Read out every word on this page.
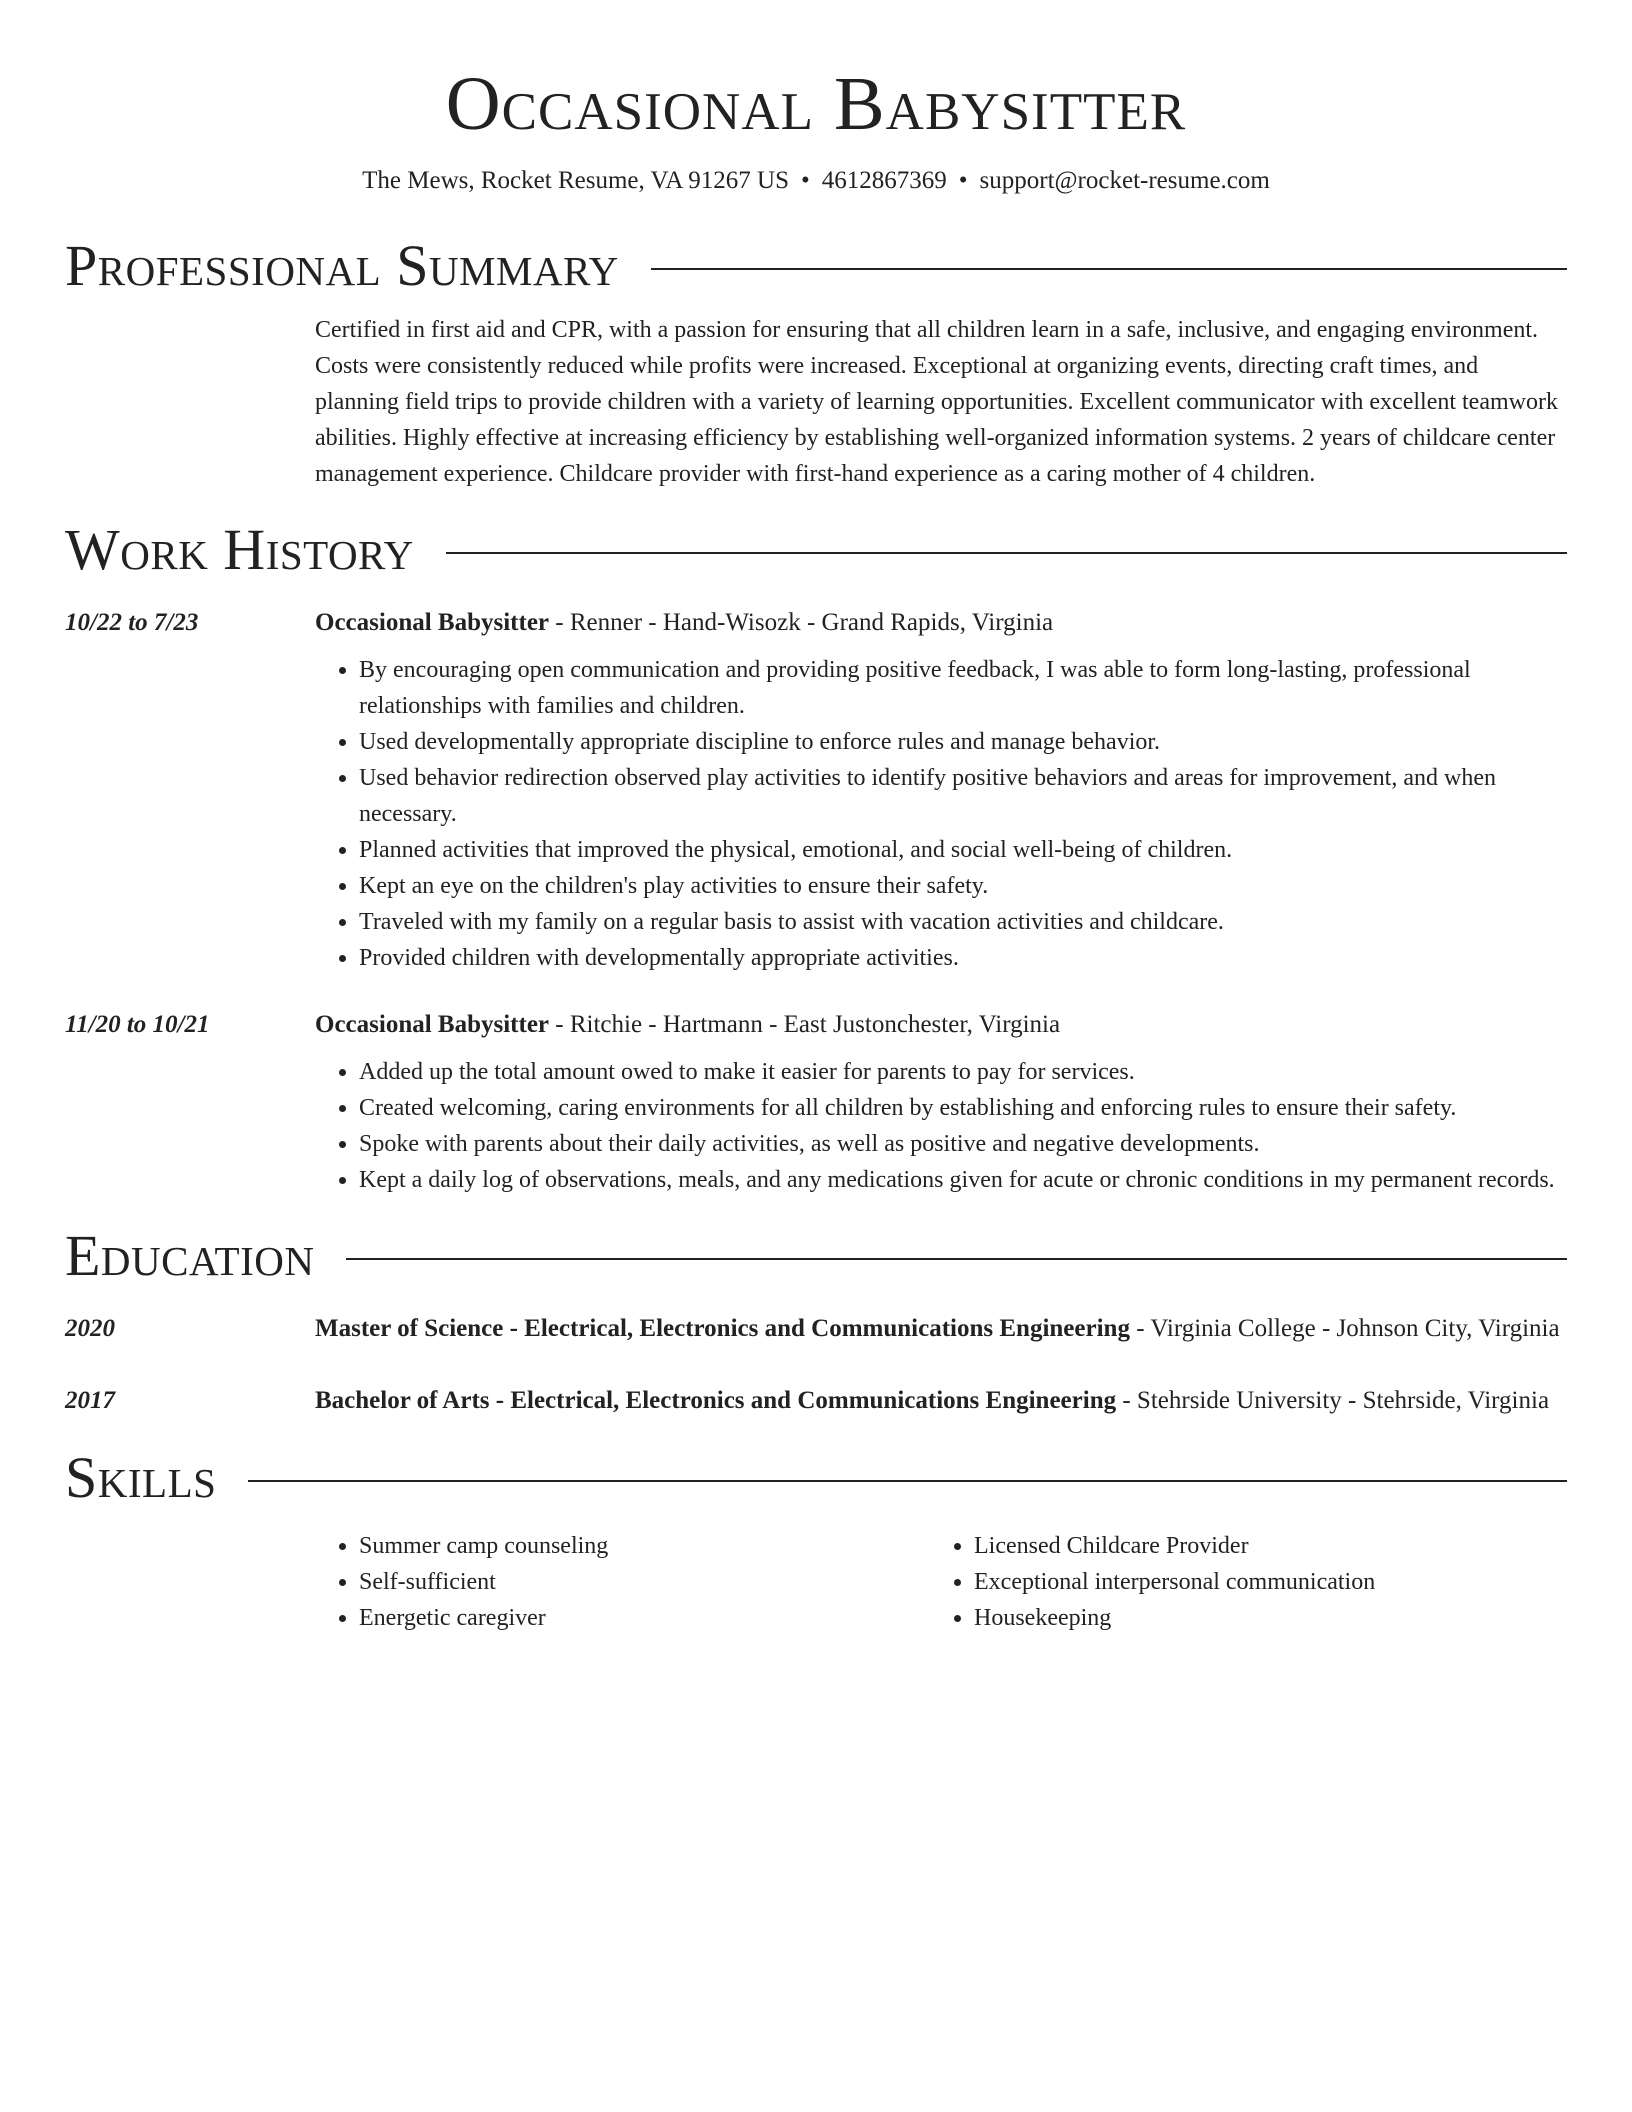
Occasional Babysitter
The Mews, Rocket Resume, VA 91267 US • 4612867369 • support@rocket-resume.com
Professional Summary
Certified in first aid and CPR, with a passion for ensuring that all children learn in a safe, inclusive, and engaging environment. Costs were consistently reduced while profits were increased. Exceptional at organizing events, directing craft times, and planning field trips to provide children with a variety of learning opportunities. Excellent communicator with excellent teamwork abilities. Highly effective at increasing efficiency by establishing well-organized information systems. 2 years of childcare center management experience. Childcare provider with first-hand experience as a caring mother of 4 children.
Work History
10/22 to 7/23	Occasional Babysitter - Renner - Hand-Wisozk - Grand Rapids, Virginia
• By encouraging open communication and providing positive feedback, I was able to form long-lasting, professional relationships with families and children.
• Used developmentally appropriate discipline to enforce rules and manage behavior.
• Used behavior redirection observed play activities to identify positive behaviors and areas for improvement, and when necessary.
• Planned activities that improved the physical, emotional, and social well-being of children.
• Kept an eye on the children's play activities to ensure their safety.
• Traveled with my family on a regular basis to assist with vacation activities and childcare.
• Provided children with developmentally appropriate activities.
11/20 to 10/21	Occasional Babysitter - Ritchie - Hartmann - East Justonchester, Virginia
• Added up the total amount owed to make it easier for parents to pay for services.
• Created welcoming, caring environments for all children by establishing and enforcing rules to ensure their safety.
• Spoke with parents about their daily activities, as well as positive and negative developments.
• Kept a daily log of observations, meals, and any medications given for acute or chronic conditions in my permanent records.
Education
2020	Master of Science - Electrical, Electronics and Communications Engineering - Virginia College - Johnson City, Virginia
2017	Bachelor of Arts - Electrical, Electronics and Communications Engineering - Stehrside University - Stehrside, Virginia
Skills
• Summer camp counseling
• Self-sufficient
• Energetic caregiver
• Licensed Childcare Provider
• Exceptional interpersonal communication
• Housekeeping
